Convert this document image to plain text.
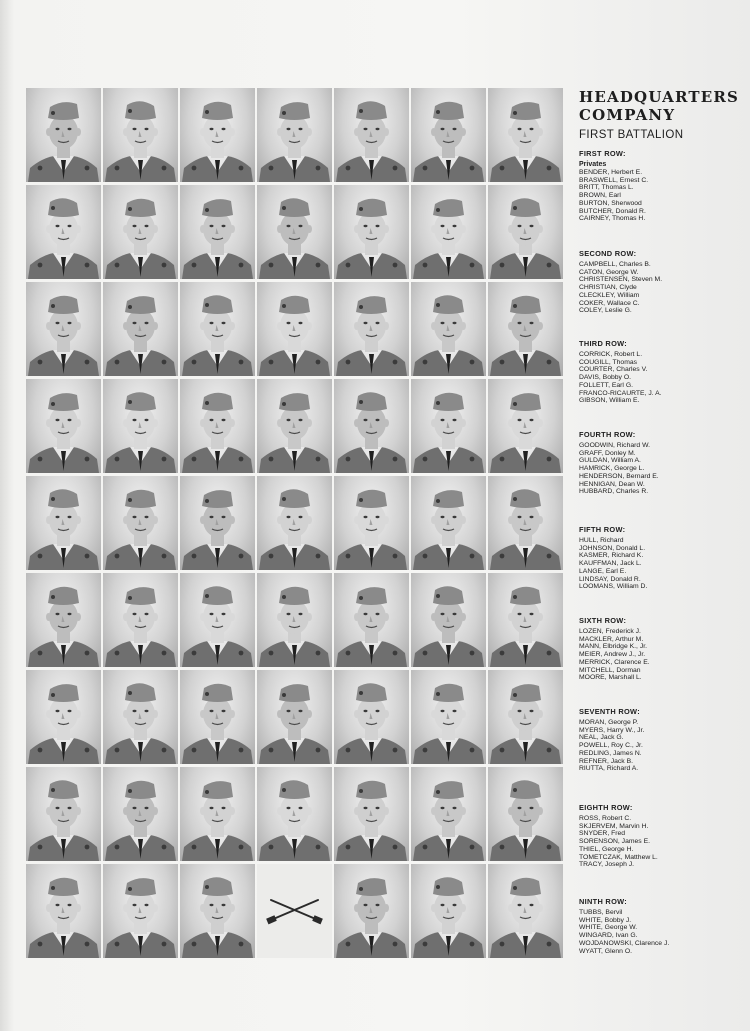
HEADQUARTERS
COMPANY
FIRST BATTALION
FIRST ROW:
Privates
BENDER, Herbert E.
BRASWELL, Ernest C.
BRITT, Thomas L.
BROWN, Earl
BURTON, Sherwood
BUTCHER, Donald R.
CAIRNEY, Thomas H.
SECOND ROW:
CAMPBELL, Charles B.
CATON, George W.
CHRISTENSEN, Steven M.
CHRISTIAN, Clyde
CLECKLEY, William
COKER, Wallace C.
COLEY, Leslie G.
THIRD ROW:
CORRICK, Robert L.
COUGILL, Thomas
COURTER, Charles V.
DAVIS, Bobby O.
FOLLETT, Earl G.
FRANCO-RICAURTE, J. A.
GIBSON, William E.
FOURTH ROW:
GOODWIN, Richard W.
GRAFF, Donley M.
GULDAN, William A.
HAMRICK, George L.
HENDERSON, Bernard E.
HENNIGAN, Dean W.
HUBBARD, Charles R.
FIFTH ROW:
HULL, Richard
JOHNSON, Donald L.
KASMER, Richard K.
KAUFFMAN, Jack L.
LANGE, Earl E.
LINDSAY, Donald R.
LOOMANS, William D.
SIXTH ROW:
LOZEN, Frederick J.
MACKLER, Arthur M.
MANN, Elbridge K., Jr.
MEIER, Andrew J., Jr.
MERRICK, Clarence E.
MITCHELL, Dorman
MOORE, Marshall L.
SEVENTH ROW:
MORAN, George P.
MYERS, Harry W., Jr.
NEAL, Jack G.
POWELL, Roy C., Jr.
REDLING, James N.
REFNER, Jack B.
RIUTTA, Richard A.
EIGHTH ROW:
ROSS, Robert C.
SKJERVEM, Marvin H.
SNYDER, Fred
SORENSON, James E.
THIEL, George H.
TOMETCZAK, Matthew L.
TRACY, Joseph J.
NINTH ROW:
TUBBS, Bervil
WHITE, Bobby J.
WHITE, George W.
WINGARD, Ivan G.
WOJDANOWSKI, Clarence J.
WYATT, Glenn O.
